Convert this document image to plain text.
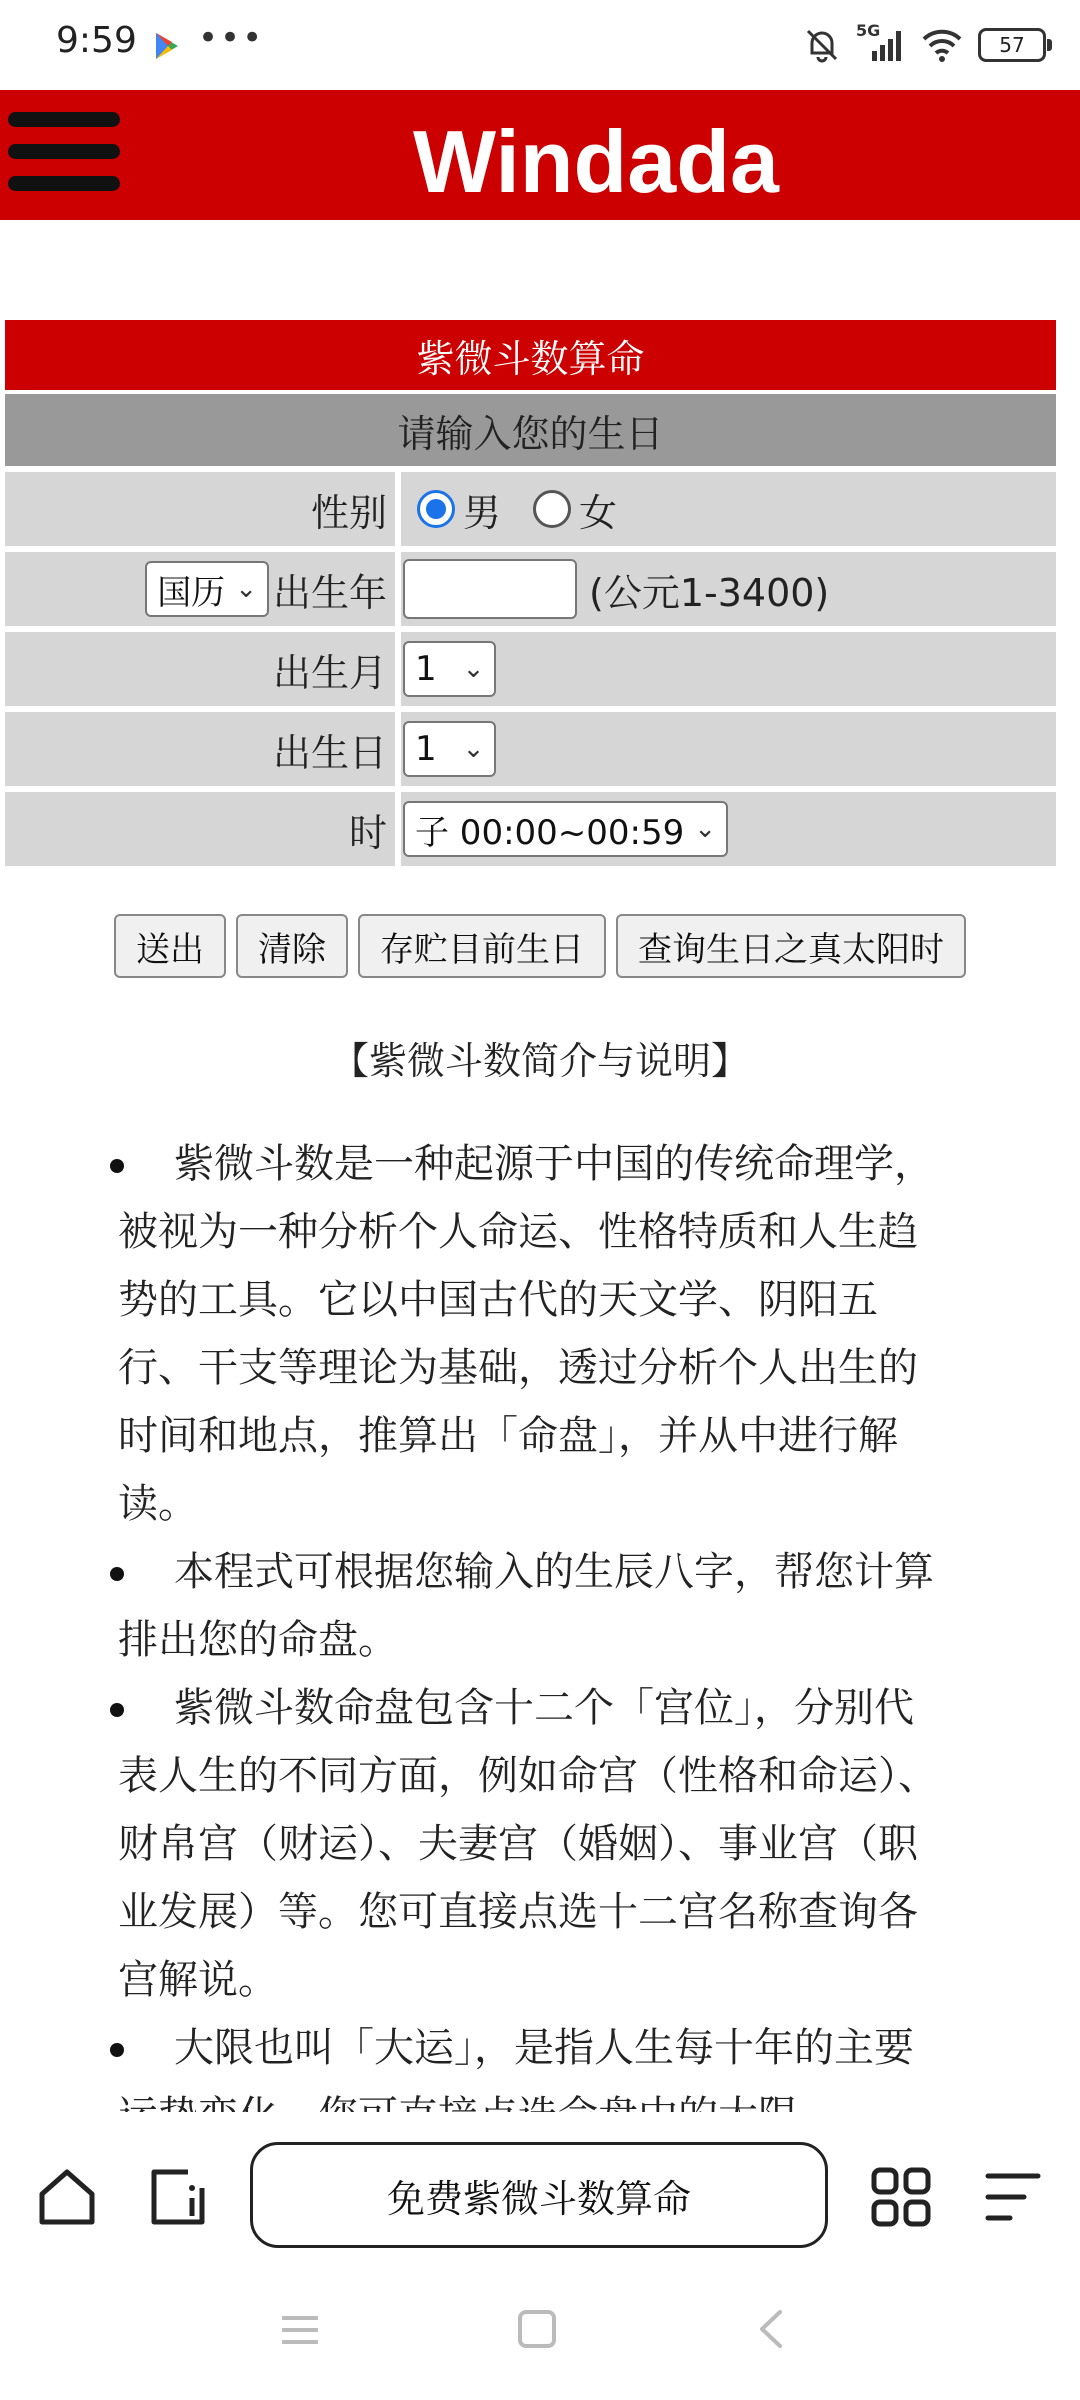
9:59 •••	5G
57
Windada
紫微斗数算命
请输入您的生日
性别 男 女
国历 ⌄ 出生年	(公元1-3400)
出生月 1 ⌄
出生日 1 ⌄
时 子 00:00~00:59 ⌄
送出	清除	存贮目前生日	查询生日之真太阳时
【紫微斗数简介与说明】
紫微斗数是一种起源于中国的传统命理学，被视为一种分析个人命运、性格特质和人生趋势的工具。它以中国古代的天文学、阴阳五行、干支等理论为基础，透过分析个人出生的时间和地点，推算出「命盘」，并从中进行解读。
本程式可根据您输入的生辰八字，帮您计算排出您的命盘。
紫微斗数命盘包含十二个「宫位」，分别代表人生的不同方面，例如命宫（性格和命运）、财帛宫（财运）、夫妻宫（婚姻）、事业宫（职业发展）等。您可直接点选十二宫名称查询各宫解说。
大限也叫「大运」，是指人生每十年的主要
免费紫微斗数算命
